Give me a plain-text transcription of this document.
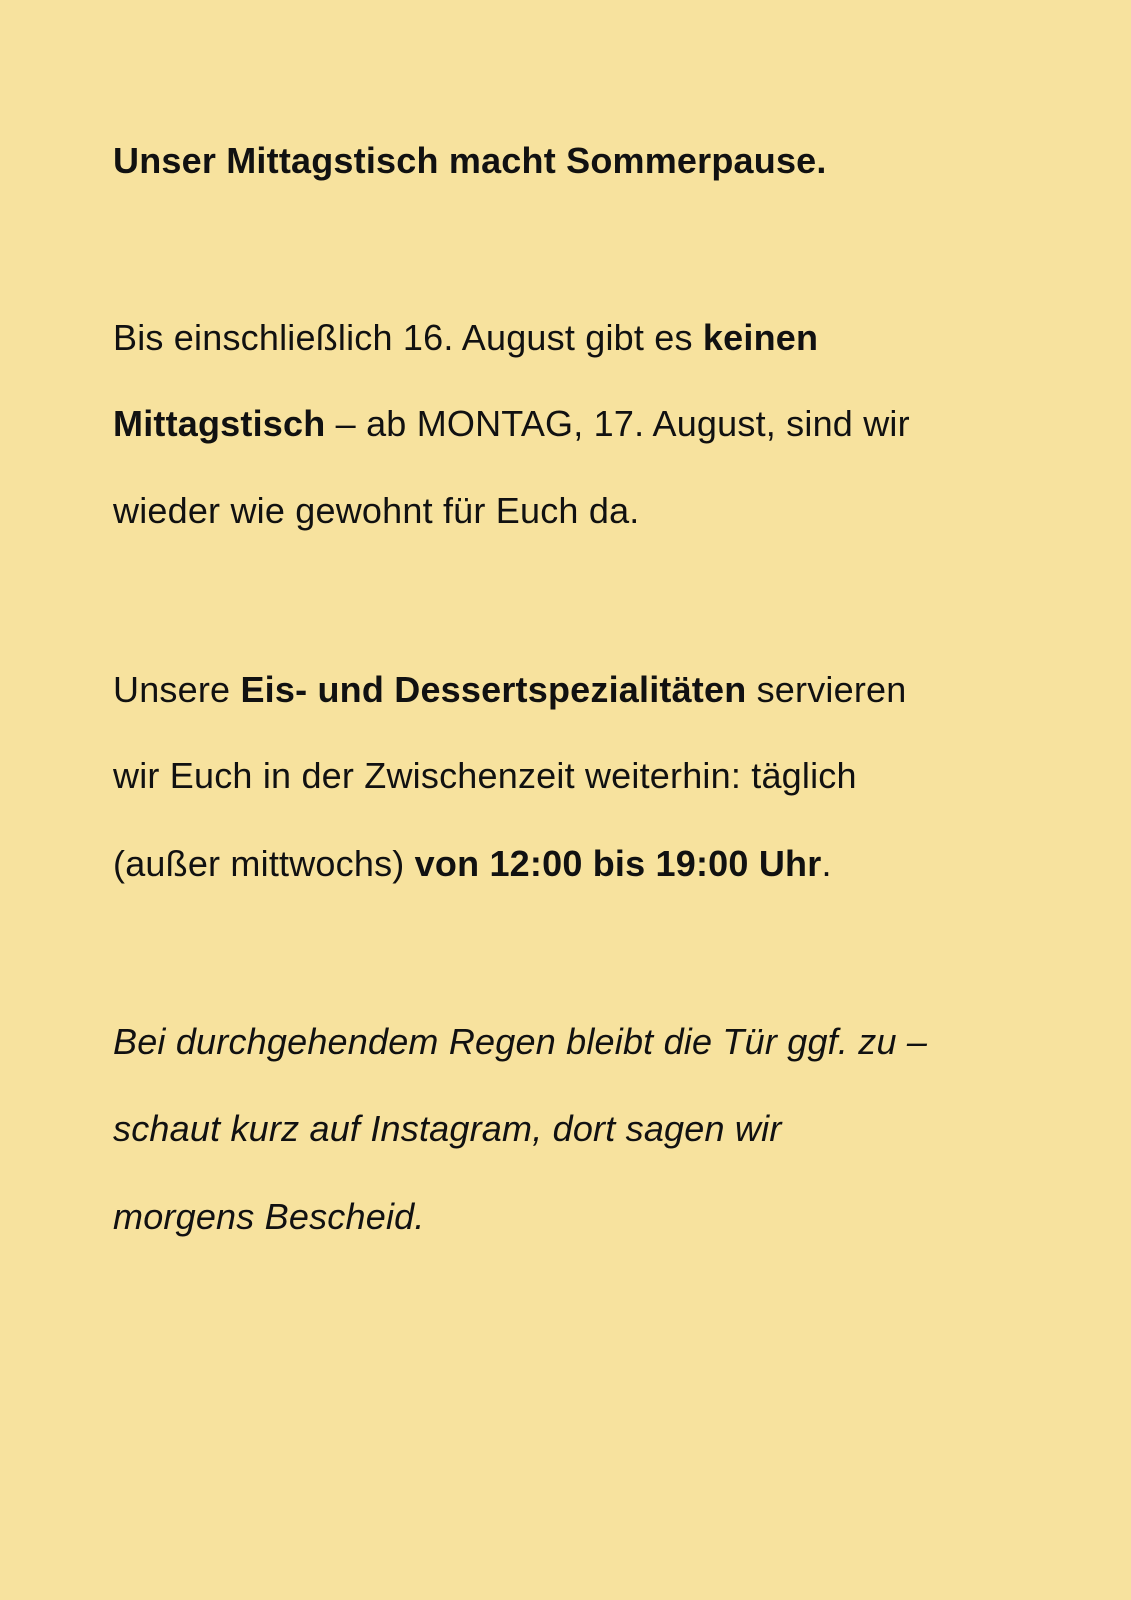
Unser Mittagstisch macht Sommerpause.
Bis einschließlich 16. August gibt es keinen
Mittagstisch – ab MONTAG, 17. August, sind wir
wieder wie gewohnt für Euch da.
Unsere Eis- und Dessertspezialitäten servieren
wir Euch in der Zwischenzeit weiterhin: täglich
(außer mittwochs) von 12:00 bis 19:00 Uhr.
Bei durchgehendem Regen bleibt die Tür ggf. zu –
schaut kurz auf Instagram, dort sagen wir
morgens Bescheid.
